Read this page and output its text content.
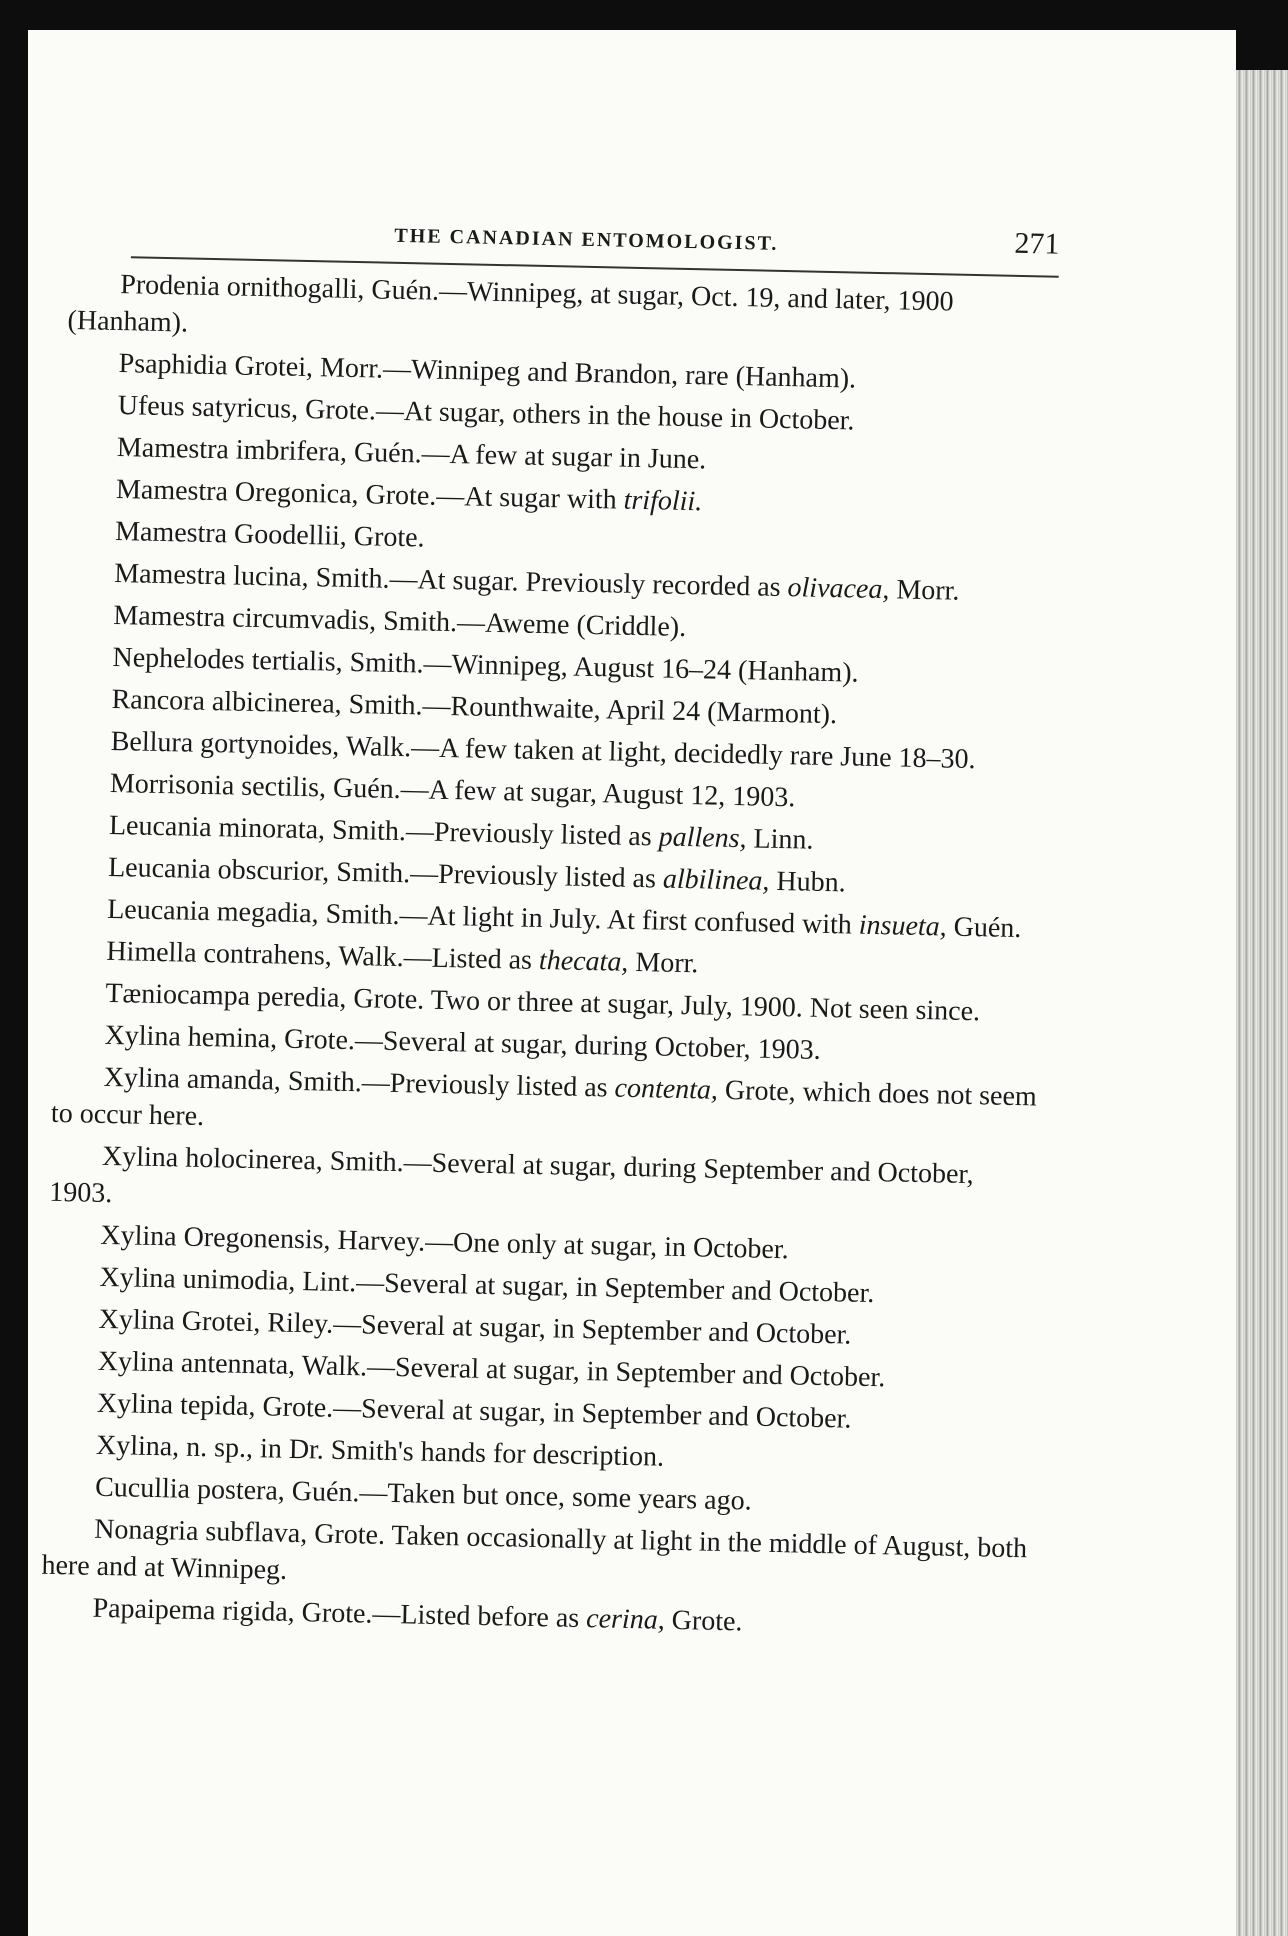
THE CANADIAN ENTOMOLOGIST.	271

Prodenia ornithogalli, Guén.—Winnipeg, at sugar, Oct. 19, and later, 1900 (Hanham).

Psaphidia Grotei, Morr.—Winnipeg and Brandon, rare (Hanham).

Ufeus satyricus, Grote.—At sugar, others in the house in October.

Mamestra imbrifera, Guén.—A few at sugar in June.

Mamestra Oregonica, Grote.—At sugar with trifolii.

Mamestra Goodellii, Grote.

Mamestra lucina, Smith.—At sugar. Previously recorded as olivacea, Morr.

Mamestra circumvadis, Smith.—Aweme (Criddle).

Nephelodes tertialis, Smith.—Winnipeg, August 16–24 (Hanham).

Rancora albicinerea, Smith.—Rounthwaite, April 24 (Marmont).

Bellura gortynoides, Walk.—A few taken at light, decidedly rare June 18–30.

Morrisonia sectilis, Guén.—A few at sugar, August 12, 1903.

Leucania minorata, Smith.—Previously listed as pallens, Linn.

Leucania obscurior, Smith.—Previously listed as albilinea, Hubn.

Leucania megadia, Smith.—At light in July. At first confused with insueta, Guén.

Himella contrahens, Walk.—Listed as thecata, Morr.

Tæniocampa peredia, Grote. Two or three at sugar, July, 1900. Not seen since.

Xylina hemina, Grote.—Several at sugar, during October, 1903.

Xylina amanda, Smith.—Previously listed as contenta, Grote, which does not seem to occur here.

Xylina holocinerea, Smith.—Several at sugar, during September and October, 1903.

Xylina Oregonensis, Harvey.—One only at sugar, in October.

Xylina unimodia, Lint.—Several at sugar, in September and October.

Xylina Grotei, Riley.—Several at sugar, in September and October.

Xylina antennata, Walk.—Several at sugar, in September and October.

Xylina tepida, Grote.—Several at sugar, in September and October.

Xylina, n. sp., in Dr. Smith's hands for description.

Cucullia postera, Guén.—Taken but once, some years ago.

Nonagria subflava, Grote. Taken occasionally at light in the middle of August, both here and at Winnipeg.

Papaipema rigida, Grote.—Listed before as cerina, Grote.
